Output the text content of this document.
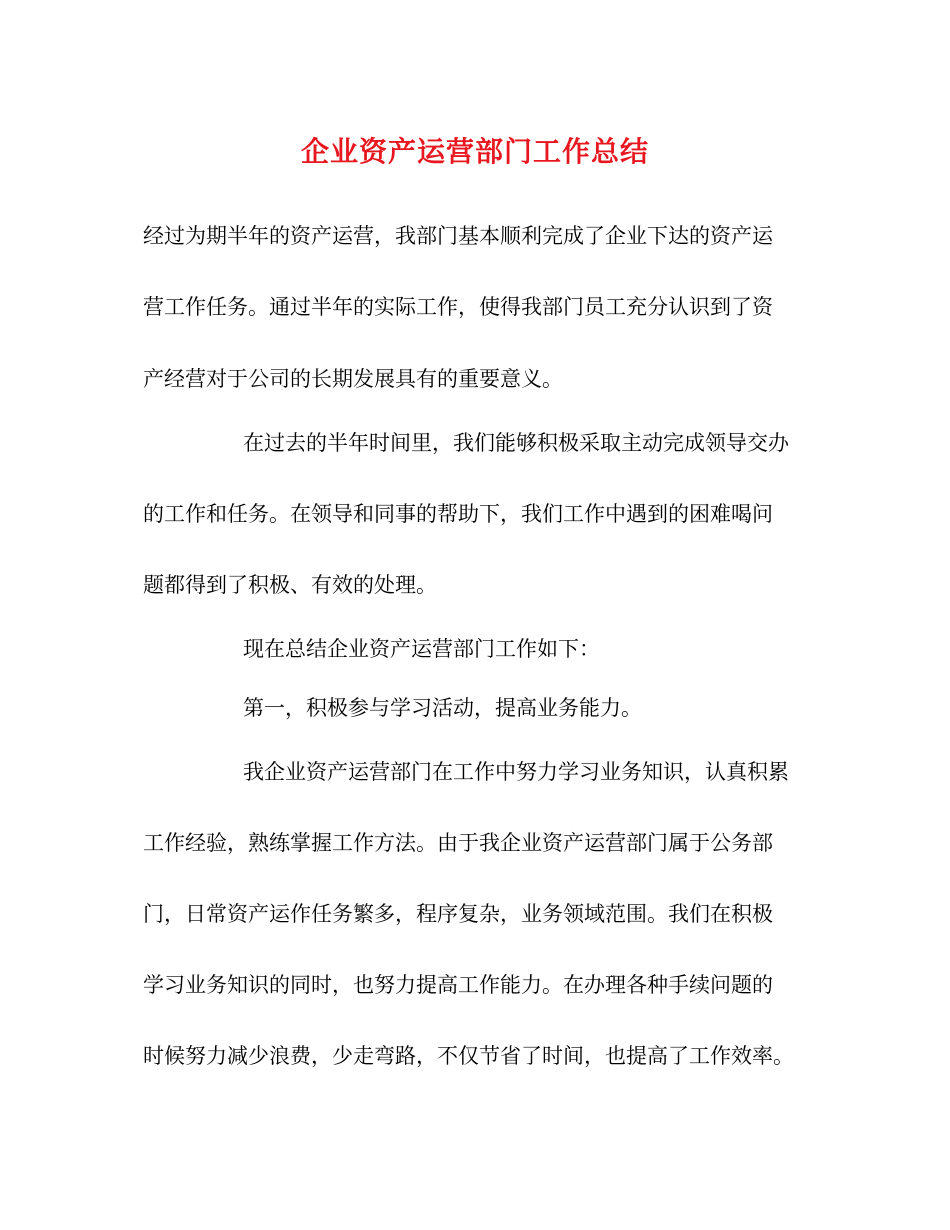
企业资产运营部门工作总结

经过为期半年的资产运营，我部门基本顺利完成了企业下达的资产运

营工作任务。通过半年的实际工作，使得我部门员工充分认识到了资

产经营对于公司的长期发展具有的重要意义。

在过去的半年时间里，我们能够积极采取主动完成领导交办

的工作和任务。在领导和同事的帮助下，我们工作中遇到的困难喝问

题都得到了积极、有效的处理。

现在总结企业资产运营部门工作如下：

第一，积极参与学习活动，提高业务能力。

我企业资产运营部门在工作中努力学习业务知识，认真积累

工作经验，熟练掌握工作方法。由于我企业资产运营部门属于公务部

门，日常资产运作任务繁多，程序复杂，业务领域范围。我们在积极

学习业务知识的同时，也努力提高工作能力。在办理各种手续问题的

时候努力减少浪费，少走弯路，不仅节省了时间，也提高了工作效率。
